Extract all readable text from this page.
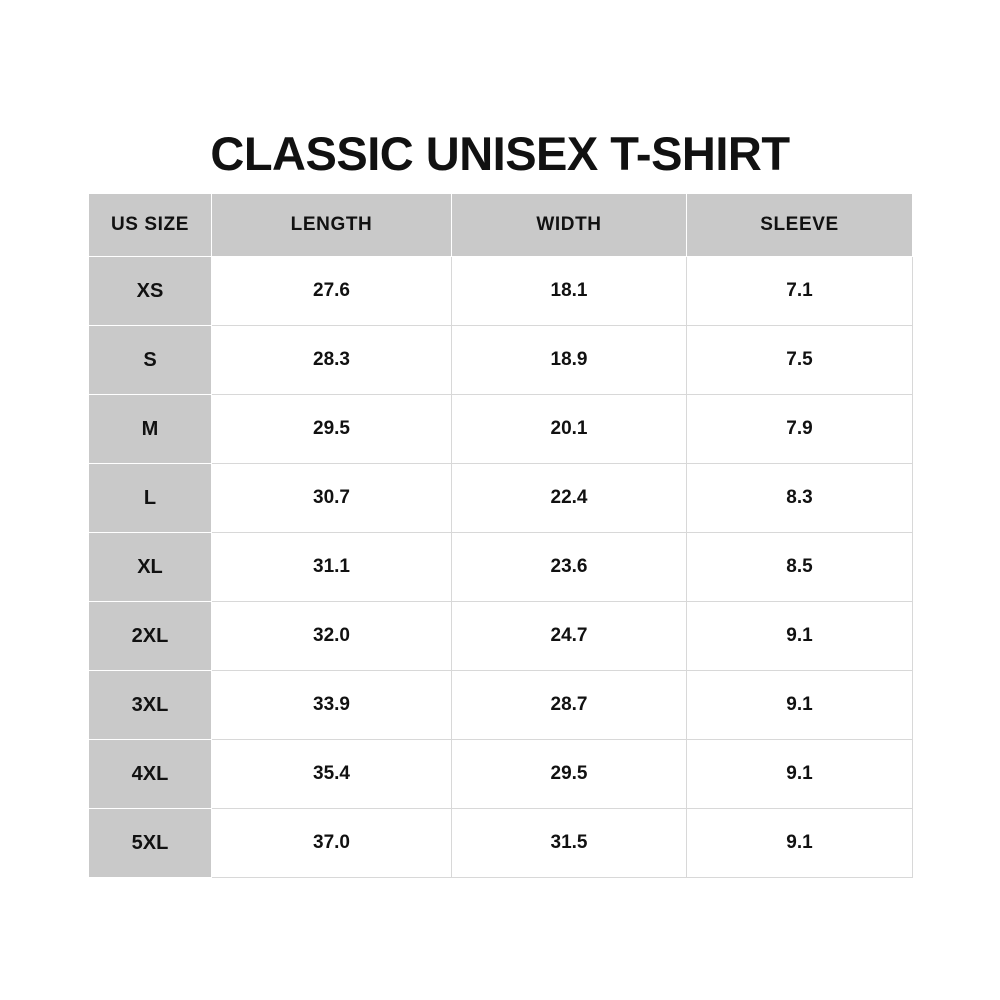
CLASSIC UNISEX T-SHIRT
US SIZE	LENGTH	WIDTH	SLEEVE
XS	27.6	18.1	7.1
S	28.3	18.9	7.5
M	29.5	20.1	7.9
L	30.7	22.4	8.3
XL	31.1	23.6	8.5
2XL	32.0	24.7	9.1
3XL	33.9	28.7	9.1
4XL	35.4	29.5	9.1
5XL	37.0	31.5	9.1
